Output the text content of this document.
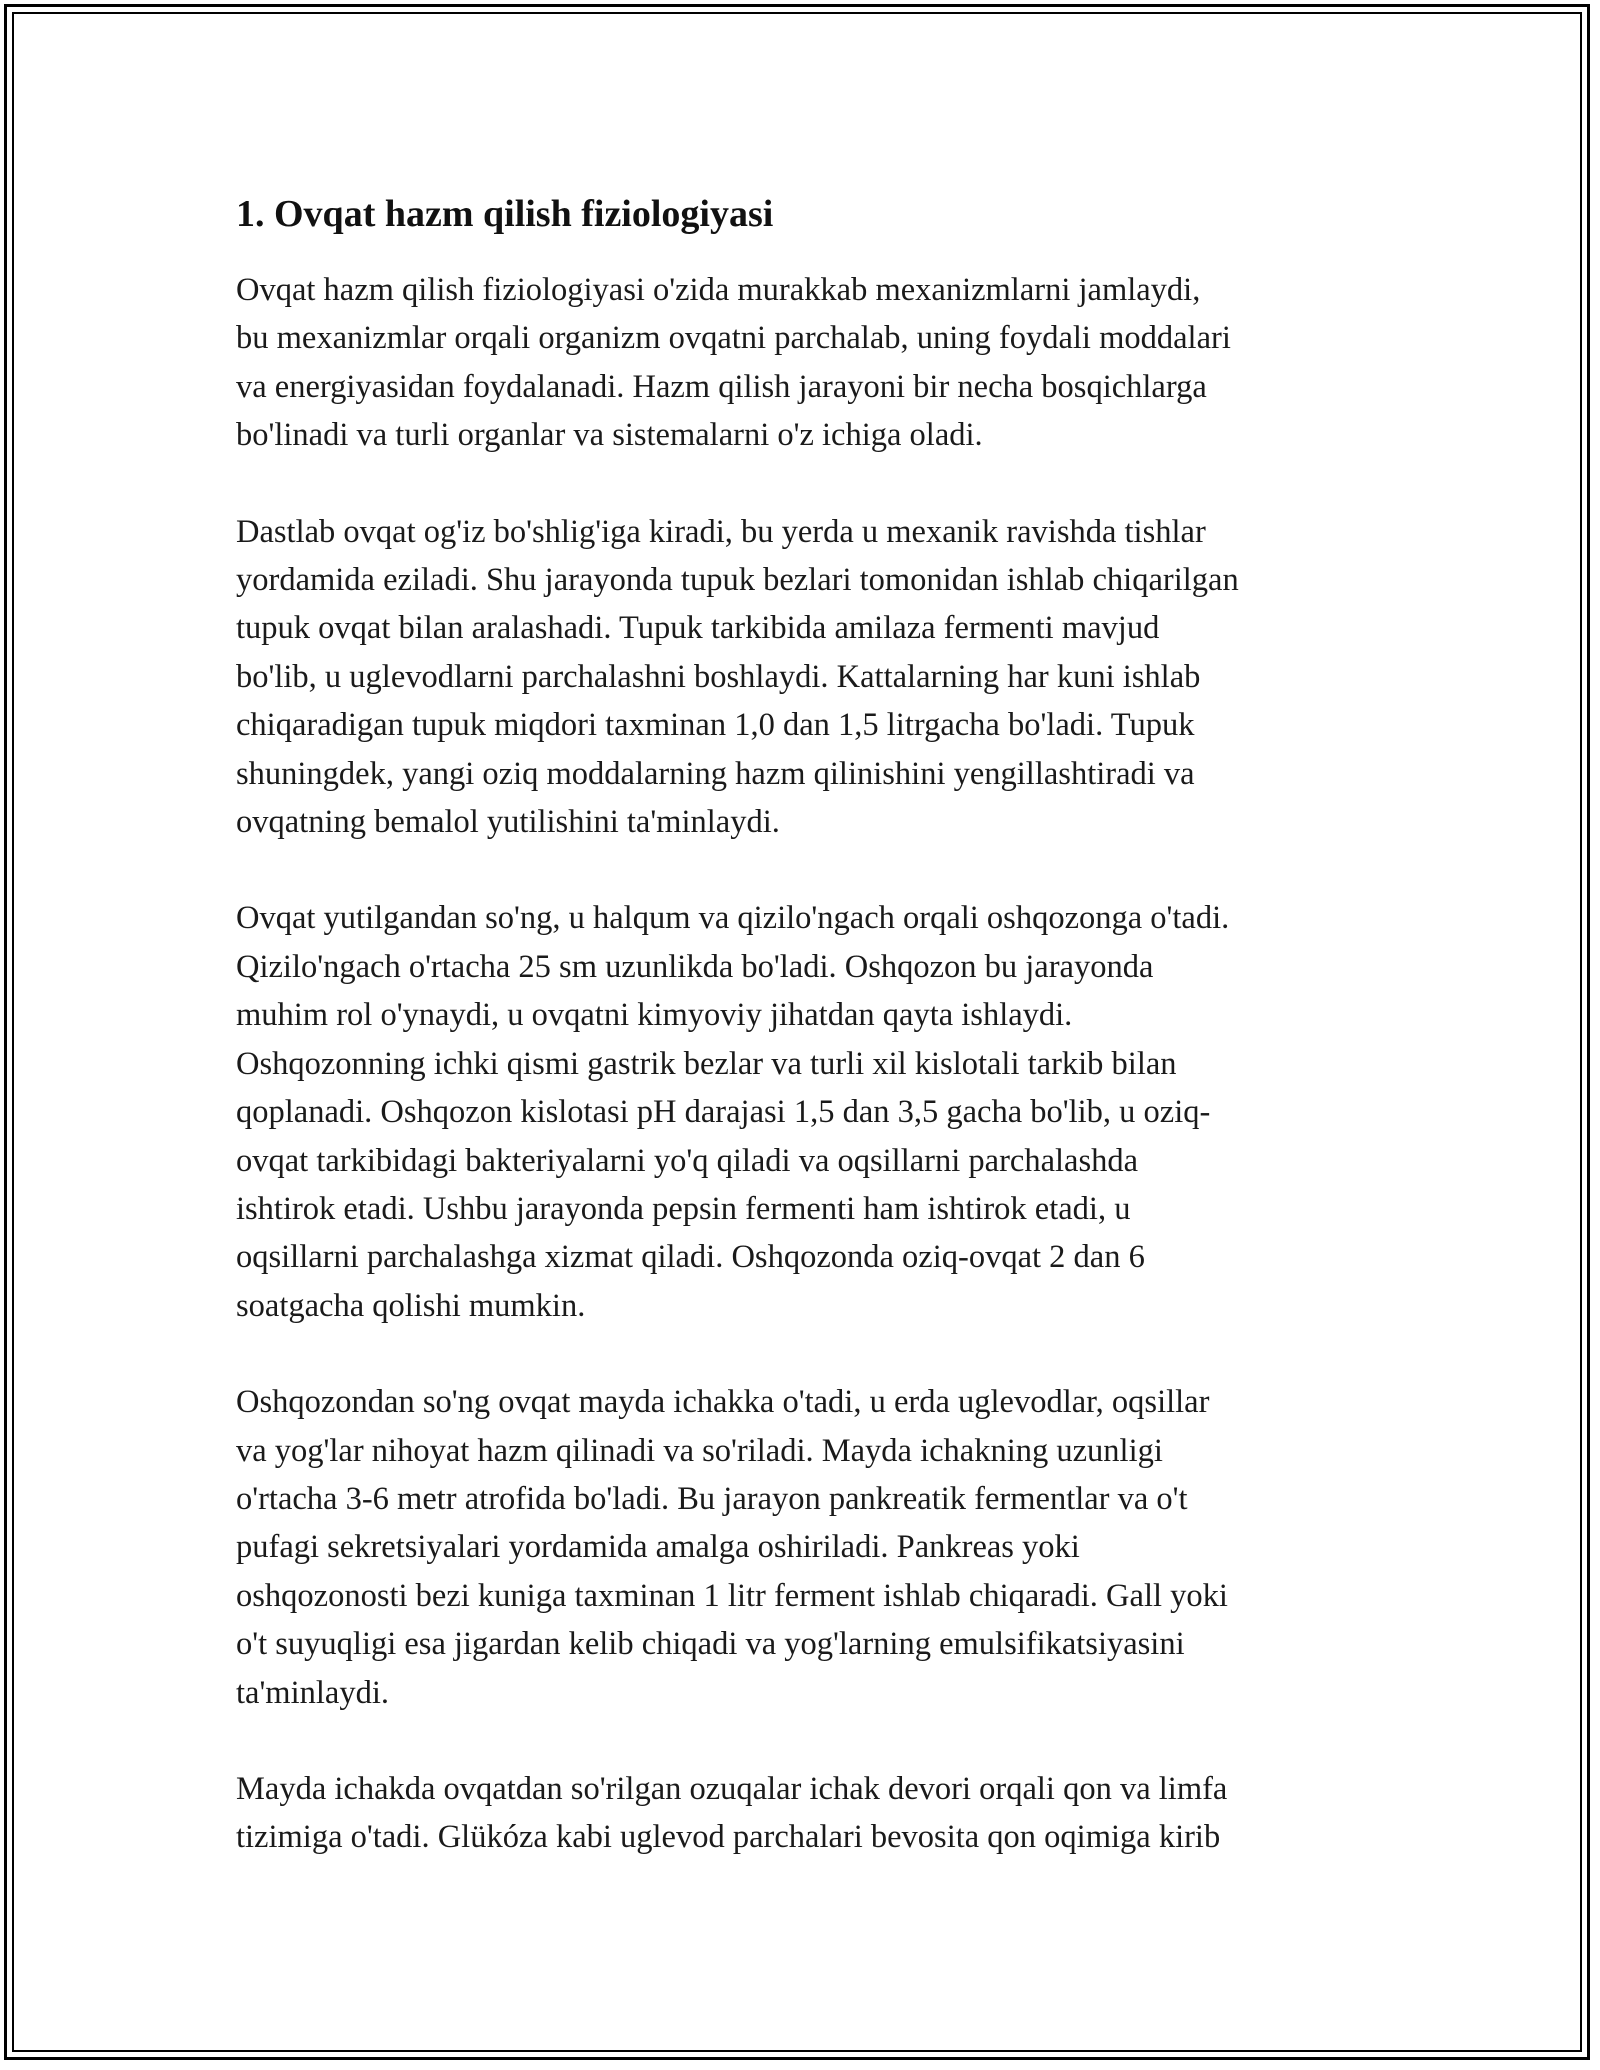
1. Ovqat hazm qilish fiziologiyasi

Ovqat hazm qilish fiziologiyasi o'zida murakkab mexanizmlarni jamlaydi,
bu mexanizmlar orqali organizm ovqatni parchalab, uning foydali moddalari
va energiyasidan foydalanadi. Hazm qilish jarayoni bir necha bosqichlarga
bo'linadi va turli organlar va sistemalarni o'z ichiga oladi.

Dastlab ovqat og'iz bo'shlig'iga kiradi, bu yerda u mexanik ravishda tishlar
yordamida eziladi. Shu jarayonda tupuk bezlari tomonidan ishlab chiqarilgan
tupuk ovqat bilan aralashadi. Tupuk tarkibida amilaza fermenti mavjud
bo'lib, u uglevodlarni parchalashni boshlaydi. Kattalarning har kuni ishlab
chiqaradigan tupuk miqdori taxminan 1,0 dan 1,5 litrgacha bo'ladi. Tupuk
shuningdek, yangi oziq moddalarning hazm qilinishini yengillashtiradi va
ovqatning bemalol yutilishini ta'minlaydi.

Ovqat yutilgandan so'ng, u halqum va qizilo'ngach orqali oshqozonga o'tadi.
Qizilo'ngach o'rtacha 25 sm uzunlikda bo'ladi. Oshqozon bu jarayonda
muhim rol o'ynaydi, u ovqatni kimyoviy jihatdan qayta ishlaydi.
Oshqozonning ichki qismi gastrik bezlar va turli xil kislotali tarkib bilan
qoplanadi. Oshqozon kislotasi pH darajasi 1,5 dan 3,5 gacha bo'lib, u oziq-
ovqat tarkibidagi bakteriyalarni yo'q qiladi va oqsillarni parchalashda
ishtirok etadi. Ushbu jarayonda pepsin fermenti ham ishtirok etadi, u
oqsillarni parchalashga xizmat qiladi. Oshqozonda oziq-ovqat 2 dan 6
soatgacha qolishi mumkin.

Oshqozondan so'ng ovqat mayda ichakka o'tadi, u erda uglevodlar, oqsillar
va yog'lar nihoyat hazm qilinadi va so'riladi. Mayda ichakning uzunligi
o'rtacha 3-6 metr atrofida bo'ladi. Bu jarayon pankreatik fermentlar va o't
pufagi sekretsiyalari yordamida amalga oshiriladi. Pankreas yoki
oshqozonosti bezi kuniga taxminan 1 litr ferment ishlab chiqaradi. Gall yoki
o't suyuqligi esa jigardan kelib chiqadi va yog'larning emulsifikatsiyasini
ta'minlaydi.

Mayda ichakda ovqatdan so'rilgan ozuqalar ichak devori orqali qon va limfa
tizimiga o'tadi. Glükóza kabi uglevod parchalari bevosita qon oqimiga kirib
